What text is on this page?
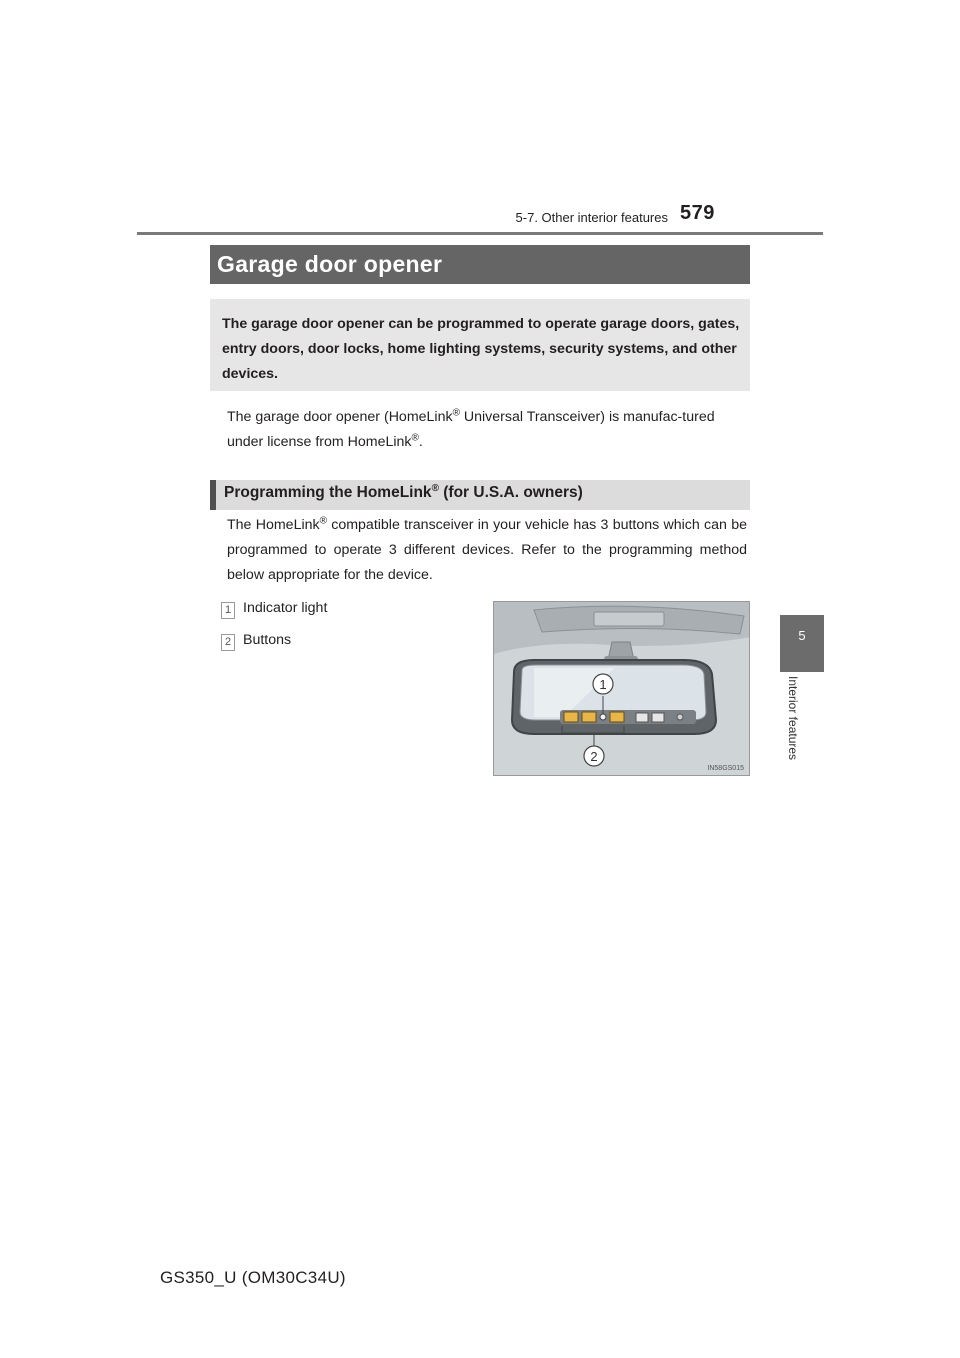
5-7. Other interior features 579
5
Interior features
Garage door opener
The garage door opener can be programmed to operate garage doors, gates, entry doors, door locks, home lighting systems, security systems, and other devices.
The garage door opener (HomeLink® Universal Transceiver) is manufac-tured under license from HomeLink®.
Programming the HomeLink® (for U.S.A. owners)
The HomeLink® compatible transceiver in your vehicle has 3 buttons which can be programmed to operate 3 different devices. Refer to the programming method below appropriate for the device.
1 Indicator light
2 Buttons
1
2
IN58GS015
GS350_U (OM30C34U)
